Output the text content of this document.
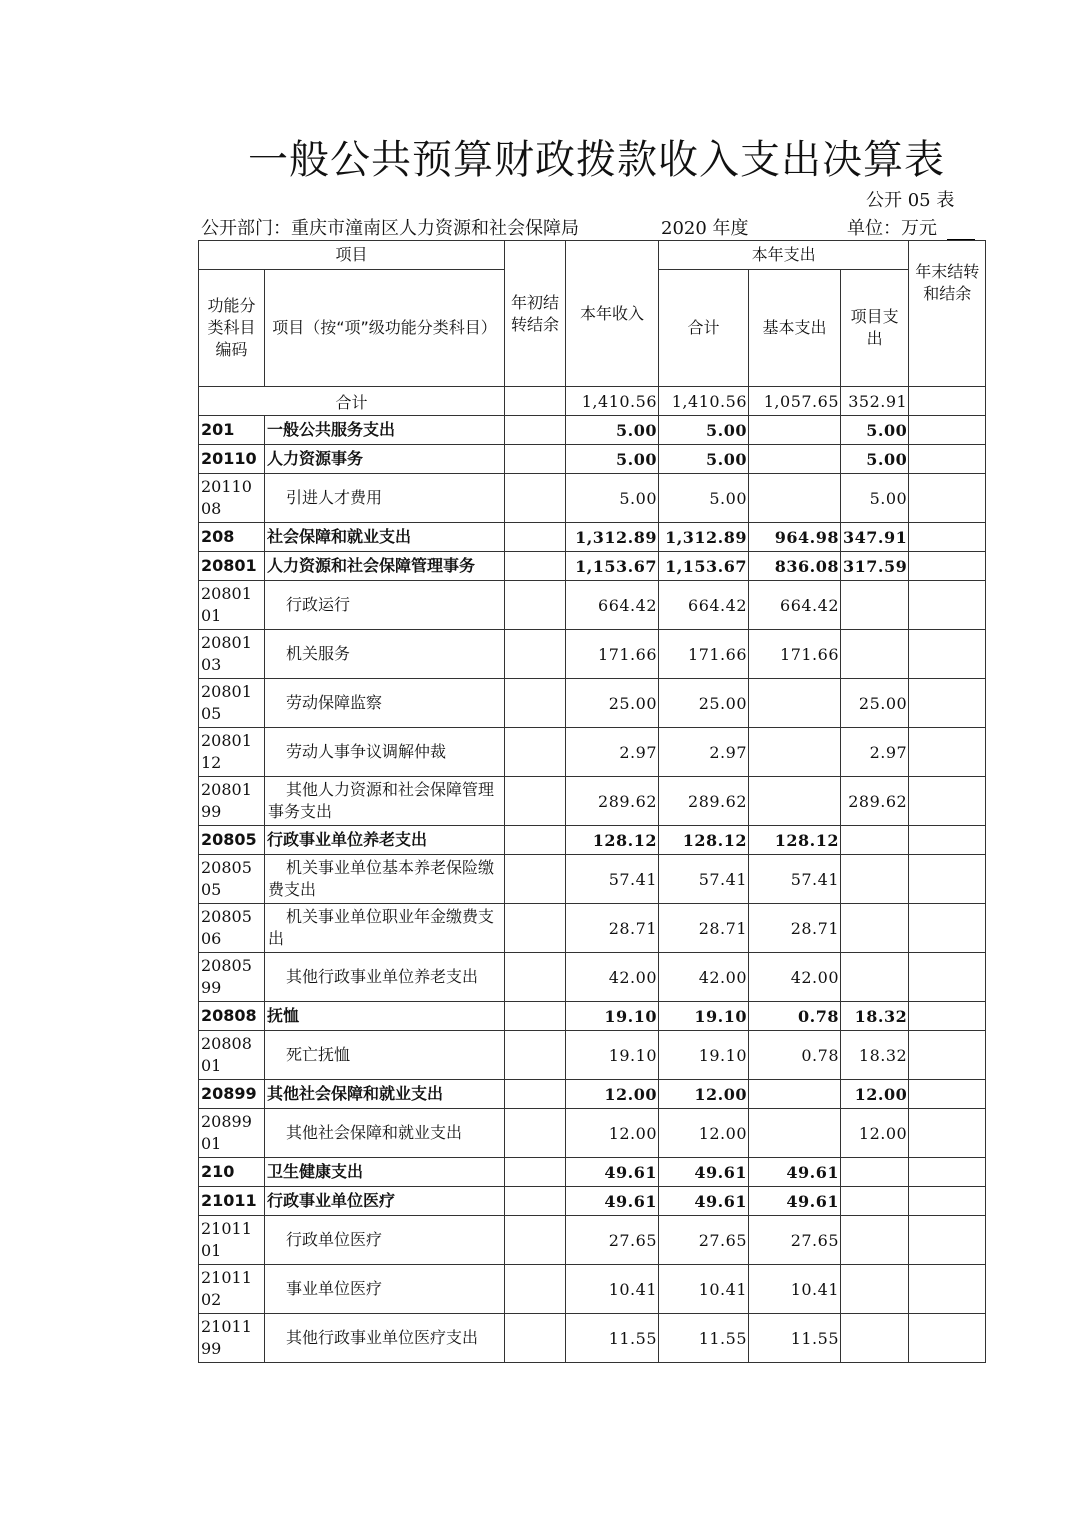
一般公共预算财政拨款收入支出决算表
公开 05 表
公开部门：重庆市潼南区人力资源和社会保障局	2020 年度	单位：万元
项目		年初结转结余	本年收入	本年支出			年末结转和结余
功能分类科目编码	项目（按“项”级功能分类科目）			合计	基本支出	项目支出	
合计			1,410.56	1,410.56	1,057.65	352.91	
201	一般公共服务支出		5.00	5.00		5.00	
20110	人力资源事务		5.00	5.00		5.00	
2011008	引进人才费用		5.00	5.00		5.00	
208	社会保障和就业支出		1,312.89	1,312.89	964.98	347.91	
20801	人力资源和社会保障管理事务		1,153.67	1,153.67	836.08	317.59	
2080101	行政运行		664.42	664.42	664.42		
2080103	机关服务		171.66	171.66	171.66		
2080105	劳动保障监察		25.00	25.00		25.00	
2080112	劳动人事争议调解仲裁		2.97	2.97		2.97	
2080199	其他人力资源和社会保障管理事务支出		289.62	289.62		289.62	
20805	行政事业单位养老支出		128.12	128.12	128.12		
2080505	机关事业单位基本养老保险缴费支出		57.41	57.41	57.41		
2080506	机关事业单位职业年金缴费支出		28.71	28.71	28.71		
2080599	其他行政事业单位养老支出		42.00	42.00	42.00		
20808	抚恤		19.10	19.10	0.78	18.32	
2080801	死亡抚恤		19.10	19.10	0.78	18.32	
20899	其他社会保障和就业支出		12.00	12.00		12.00	
2089901	其他社会保障和就业支出		12.00	12.00		12.00	
210	卫生健康支出		49.61	49.61	49.61		
21011	行政事业单位医疗		49.61	49.61	49.61		
2101101	行政单位医疗		27.65	27.65	27.65		
2101102	事业单位医疗		10.41	10.41	10.41		
2101199	其他行政事业单位医疗支出		11.55	11.55	11.55		
